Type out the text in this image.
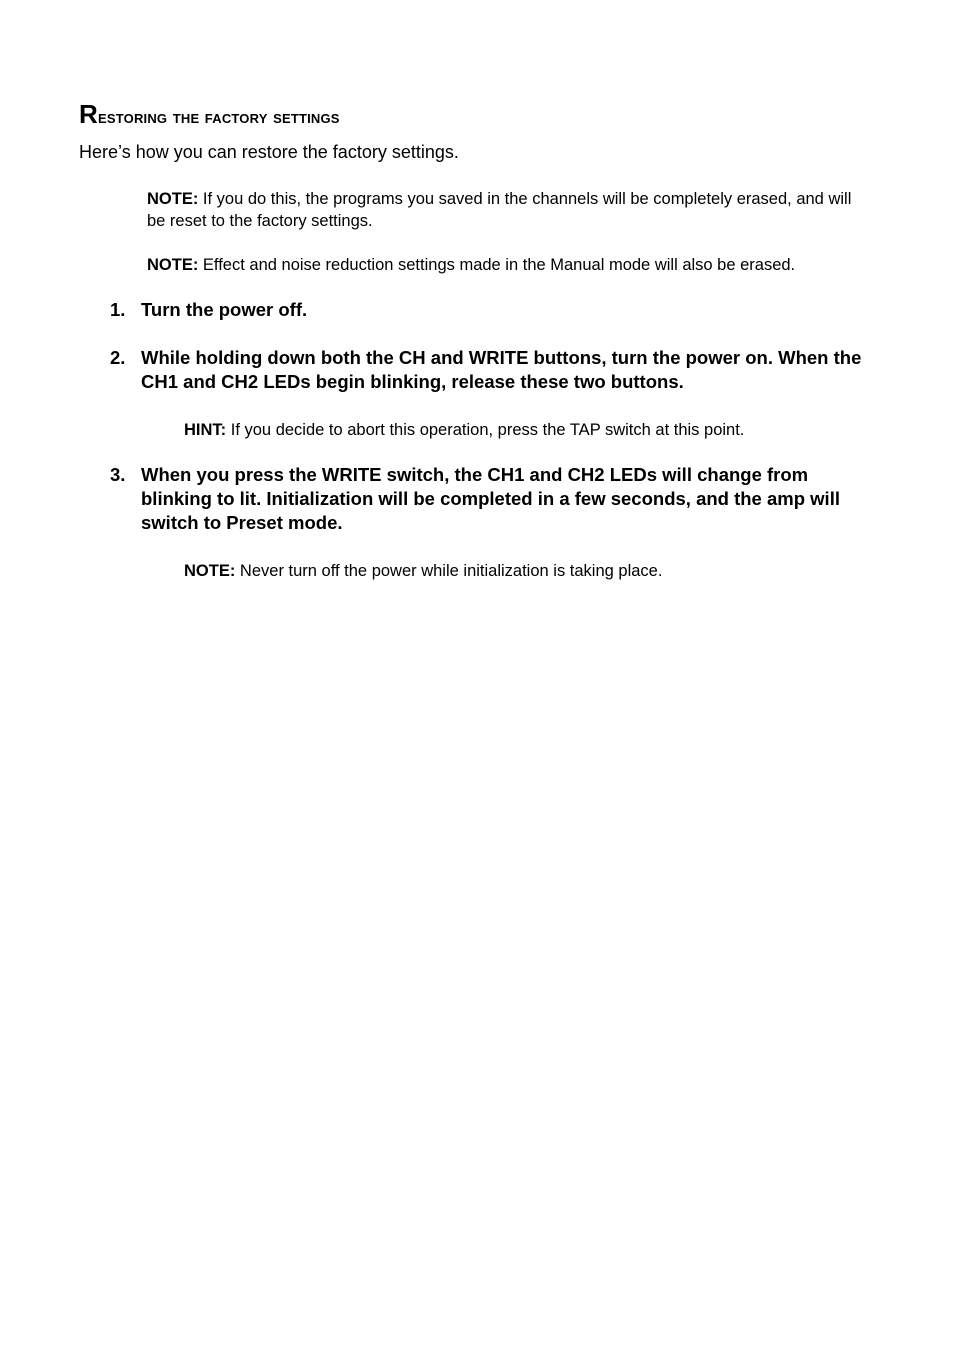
Restoring the factory settings

Here’s how you can restore the factory settings.

NOTE: If you do this, the programs you saved in the channels will be completely erased, and will be reset to the factory settings.

NOTE: Effect and noise reduction settings made in the Manual mode will also be erased.

1. Turn the power off.
2. While holding down both the CH and WRITE buttons, turn the power on. When the CH1 and CH2 LEDs begin blinking, release these two buttons.

HINT: If you decide to abort this operation, press the TAP switch at this point.

3. When you press the WRITE switch, the CH1 and CH2 LEDs will change from blinking to lit. Initialization will be completed in a few seconds, and the amp will switch to Preset mode.

NOTE: Never turn off the power while initialization is taking place.
